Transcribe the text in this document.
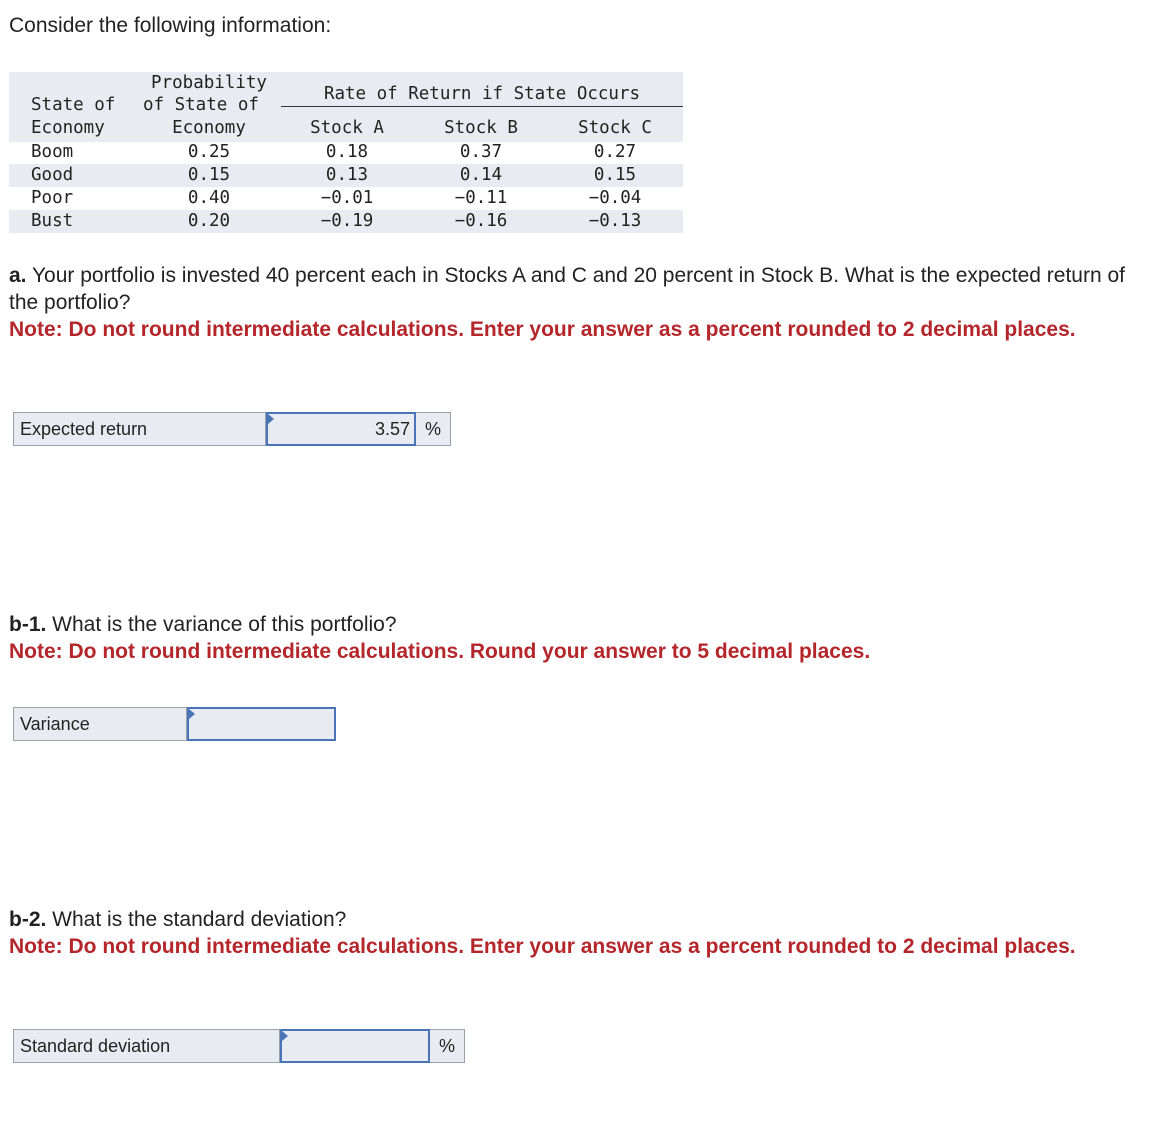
Consider the following information:
State of
Economy
Probability
of State of
Economy
Rate of Return if State Occurs
Stock A	Stock B	Stock C
Boom	0.25	0.18	0.37	0.27
Good	0.15	0.13	0.14	0.15
Poor	0.40	−0.01	−0.11	−0.04
Bust	0.20	−0.19	−0.16	−0.13
a. Your portfolio is invested 40 percent each in Stocks A and C and 20 percent in Stock B. What is the expected return of the portfolio?
Note: Do not round intermediate calculations. Enter your answer as a percent rounded to 2 decimal places.
Expected return	3.57 %
b-1. What is the variance of this portfolio?
Note: Do not round intermediate calculations. Round your answer to 5 decimal places.
Variance
b-2. What is the standard deviation?
Note: Do not round intermediate calculations. Enter your answer as a percent rounded to 2 decimal places.
Standard deviation	%
